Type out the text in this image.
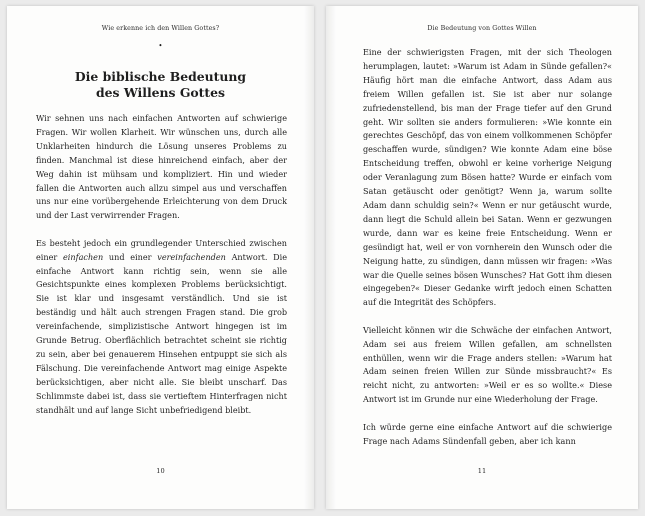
Wie erkenne ich den Willen Gottes?
•
Die biblische Bedeutung
des Willens Gottes

Wir sehnen uns nach einfachen Antworten auf schwierige Fragen. Wir wollen Klarheit. Wir wünschen uns, durch alle Unklarheiten hindurch die Lösung unseres Problems zu finden. Manchmal ist diese hinreichend einfach, aber der Weg dahin ist mühsam und kompliziert. Hin und wieder fallen die Antworten auch allzu simpel aus und verschaffen uns nur eine vorübergehende Erleichterung von dem Druck und der Last verwirrender Fragen.

Es besteht jedoch ein grundlegender Unterschied zwischen einer einfachen und einer vereinfachenden Antwort. Die einfache Antwort kann richtig sein, wenn sie alle Gesichtspunkte eines komplexen Problems berücksichtigt. Sie ist klar und insgesamt verständlich. Und sie ist beständig und hält auch strengen Fragen stand. Die grob vereinfachende, simplizistische Antwort hingegen ist im Grunde Betrug. Oberflächlich betrachtet scheint sie richtig zu sein, aber bei genauerem Hinsehen entpuppt sie sich als Fälschung. Die vereinfachende Antwort mag einige Aspekte berücksichtigen, aber nicht alle. Sie bleibt unscharf. Das Schlimmste dabei ist, dass sie vertieftem Hinterfragen nicht standhält und auf lange Sicht unbefriedigend bleibt.

10
Die Bedeutung von Gottes Willen

Eine der schwierigsten Fragen, mit der sich Theologen herumplagen, lautet: »Warum ist Adam in Sünde gefallen?« Häufig hört man die einfache Antwort, dass Adam aus freiem Willen gefallen ist. Sie ist aber nur solange zufriedenstellend, bis man der Frage tiefer auf den Grund geht. Wir sollten sie anders formulieren: »Wie konnte ein gerechtes Geschöpf, das von einem vollkommenen Schöpfer geschaffen wurde, sündigen? Wie konnte Adam eine böse Entscheidung treffen, obwohl er keine vorherige Neigung oder Veranlagung zum Bösen hatte? Wurde er einfach vom Satan getäuscht oder genötigt? Wenn ja, warum sollte Adam dann schuldig sein?« Wenn er nur getäuscht wurde, dann liegt die Schuld allein bei Satan. Wenn er gezwungen wurde, dann war es keine freie Entscheidung. Wenn er gesündigt hat, weil er von vornherein den Wunsch oder die Neigung hatte, zu sündigen, dann müssen wir fragen: »Was war die Quelle seines bösen Wunsches? Hat Gott ihm diesen eingegeben?« Dieser Gedanke wirft jedoch einen Schatten auf die Integrität des Schöpfers.

Vielleicht können wir die Schwäche der einfachen Antwort, Adam sei aus freiem Willen gefallen, am schnellsten enthüllen, wenn wir die Frage anders stellen: »Warum hat Adam seinen freien Willen zur Sünde missbraucht?« Es reicht nicht, zu antworten: »Weil er es so wollte.« Diese Antwort ist im Grunde nur eine Wiederholung der Frage.

Ich würde gerne eine einfache Antwort auf die schwierige Frage nach Adams Sündenfall geben, aber ich kann

11
